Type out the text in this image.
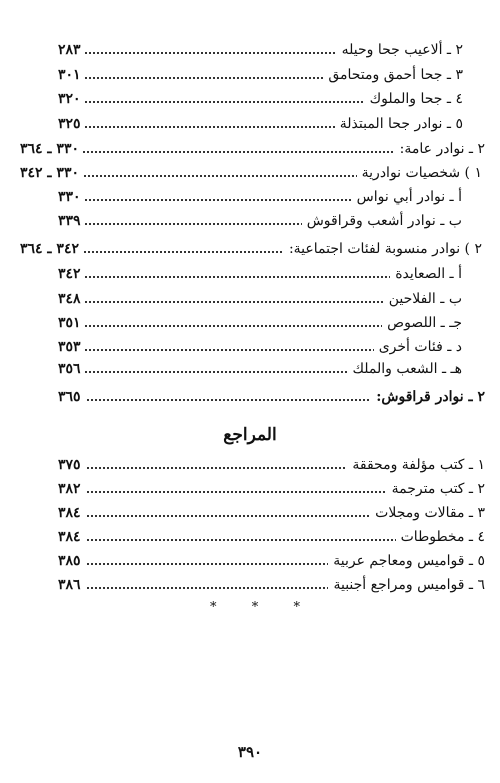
٢٨٣	٢ ـ ألاعيب جحا وحيله
٣٠١	٣ ـ جحا أحمق ومتحامق
٣٢٠	٤ ـ جحا والملوك
٣٢٥	٥ ـ نوادر جحا المبتذلة
٣٣٠ ـ ٣٦٤	٢ ـ نوادر عامة:
٣٣٠ ـ ٣٤٢	١ ) شخصيات نوادرية
٣٣٠	أ ـ نوادر أبي نواس
٣٣٩	ب ـ نوادر أشعب وقراقوش
٣٤٢ ـ ٣٦٤	٢ ) نوادر منسوبة لفئات اجتماعية:
٣٤٢	أ ـ الصعايدة
٣٤٨	ب ـ الفلاحين
٣٥١	جـ ـ اللصوص
٣٥٣	د ـ فئات أخرى
٣٥٦	هـ ـ الشعب والملك
٣٦٥	٢ ـ نوادر قراقوش:
المراجع
٣٧٥	١ ـ كتب مؤلفة ومحققة
٣٨٢	٢ ـ كتب مترجمة
٣٨٤	٣ ـ مقالات ومجلات
٣٨٤	٤ ـ مخطوطات
٣٨٥	٥ ـ قواميس ومعاجم عربية
٣٨٦	٦ ـ قواميس ومراجع أجنبية
*	*	*
٣٩٠
